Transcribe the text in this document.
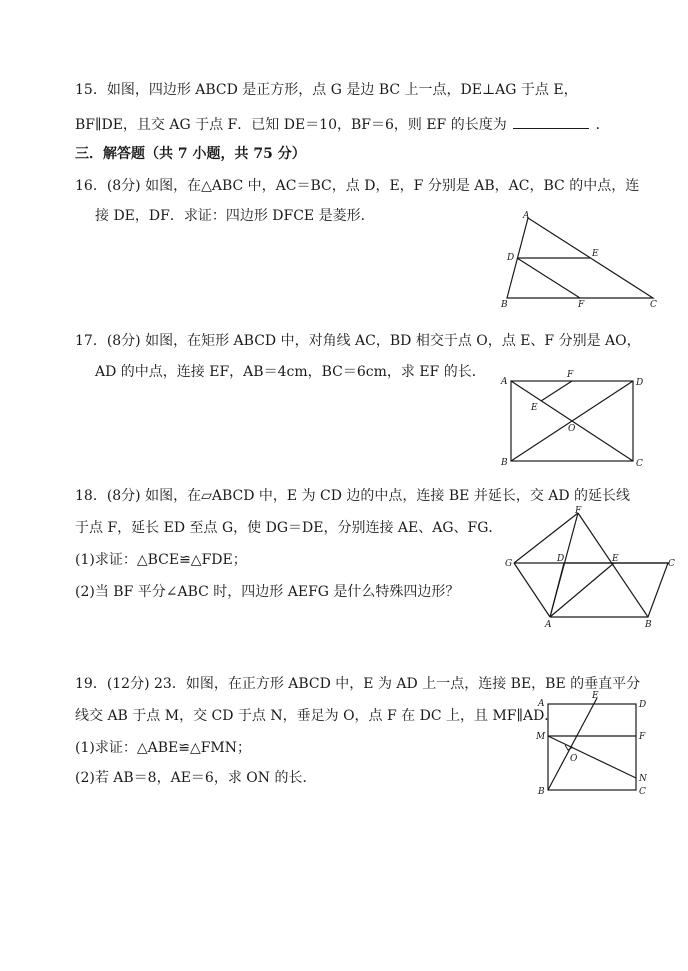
15．如图，四边形 ABCD 是正方形，点 G 是边 BC 上一点，DE⊥AG 于点 E，
BF∥DE，且交 AG 于点 F．已知 DE＝10，BF＝6，则 EF 的长度为	．
三．解答题（共 7 小题，共 75 分）
16．(8分) 如图，在△ABC 中，AC＝BC，点 D，E，F 分别是 AB，AC，BC 的中点，连
接 DE，DF．求证：四边形 DFCE 是菱形．	A
D	E
B	F	C
17．(8分) 如图，在矩形 ABCD 中，对角线 AC，BD 相交于点 O，点 E、F 分别是 AO，
AD 的中点，连接 EF，AB＝4cm，BC＝6cm，求 EF 的长．
A
F
D
E
O
B	C
18．(8分) 如图，在▱ABCD 中，E 为 CD 边的中点，连接 BE 并延长，交 AD 的延长线
于点 F，延长 ED 至点 G，使 DG＝DE，分别连接 AE、AG、FG．
(1)求证：△BCE≌△FDE；
(2)当 BF 平分∠ABC 时，四边形 AEFG 是什么特殊四边形？
F
G	D	E	C
A	B
19．(12分) 23．如图，在正方形 ABCD 中，E 为 AD 上一点，连接 BE，BE 的垂直平分
线交 AB 于点 M，交 CD 于点 N，垂足为 O，点 F 在 DC 上，且 MF∥AD．
(1)求证：△ABE≌△FMN；
(2)若 AB＝8，AE＝6，求 ON 的长．
E
A	D
M	F
O
N
B	C
